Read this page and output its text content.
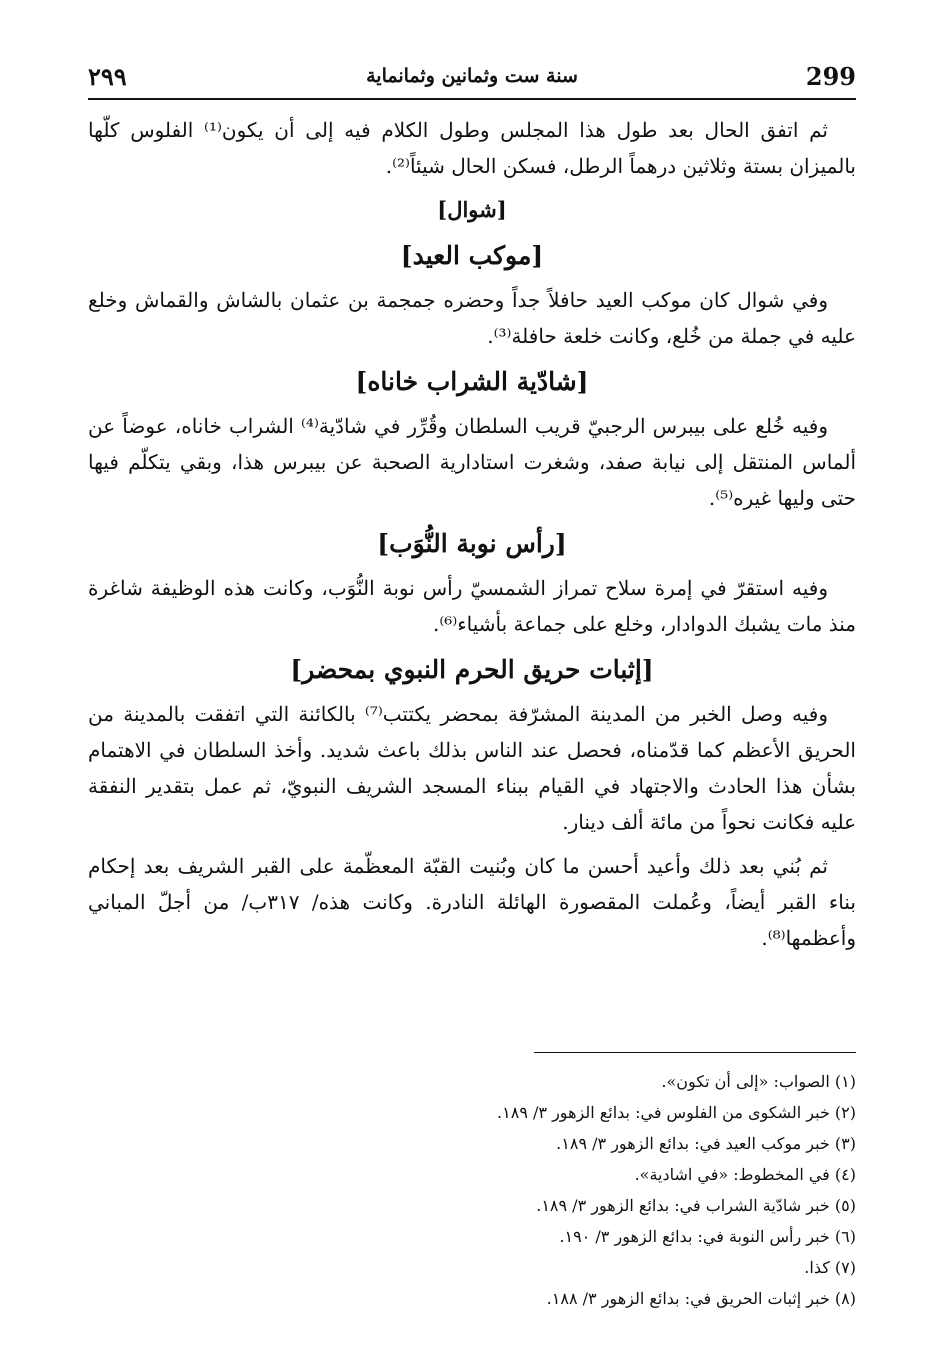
٢٩٩	سنة ست وثمانين وثمانماية	299

ثم اتفق الحال بعد طول هذا المجلس وطول الكلام فيه إلى أن يكون⁽¹⁾ الفلوس كلّها بالميزان بستة وثلاثين درهماً الرطل، فسكن الحال شيئاً⁽²⁾.

[شوال]
[موكب العيد]

وفي شوال كان موكب العيد حافلاً جداً وحضره جمجمة بن عثمان بالشاش والقماش وخلع عليه في جملة من خُلع، وكانت خلعة حافلة⁽³⁾.

[شادّية الشراب خاناه]

وفيه خُلع على بيبرس الرجبيّ قريب السلطان وقُرِّر في شادّية⁽⁴⁾ الشراب خاناه، عوضاً عن ألماس المنتقل إلى نيابة صفد، وشغرت استادارية الصحبة عن بيبرس هذا، وبقي يتكلّم فيها حتى وليها غيره⁽⁵⁾.

[رأس نوبة النُّوَب]

وفيه استقرّ في إمرة سلاح تمراز الشمسيّ رأس نوبة النُّوَب، وكانت هذه الوظيفة شاغرة منذ مات يشبك الدوادار، وخلع على جماعة بأشياء⁽⁶⁾.

[إثبات حريق الحرم النبوي بمحضر]

وفيه وصل الخبر من المدينة المشرّفة بمحضر يكتتب⁽⁷⁾ بالكائنة التي اتفقت بالمدينة من الحريق الأعظم كما قدّمناه، فحصل عند الناس بذلك باعث شديد. وأخذ السلطان في الاهتمام بشأن هذا الحادث والاجتهاد في القيام ببناء المسجد الشريف النبويّ، ثم عمل بتقدير النفقة عليه فكانت نحواً من مائة ألف دينار.

ثم بُني بعد ذلك وأعيد أحسن ما كان وبُنيت القبّة المعظّمة على القبر الشريف بعد إحكام بناء القبر أيضاً، وعُملت المقصورة الهائلة النادرة. وكانت هذه/ ٣١٧ب/ من أجلّ المباني وأعظمها⁽⁸⁾.

(١) الصواب: «إلى أن تكون».
(٢) خبر الشكوى من الفلوس في: بدائع الزهور ٣/ ١٨٩.
(٣) خبر موكب العيد في: بدائع الزهور ٣/ ١٨٩.
(٤) في المخطوط: «في اشادية».
(٥) خبر شادّية الشراب في: بدائع الزهور ٣/ ١٨٩.
(٦) خبر رأس النوبة في: بدائع الزهور ٣/ ١٩٠.
(٧) كذا.
(٨) خبر إثبات الحريق في: بدائع الزهور ٣/ ١٨٨.
